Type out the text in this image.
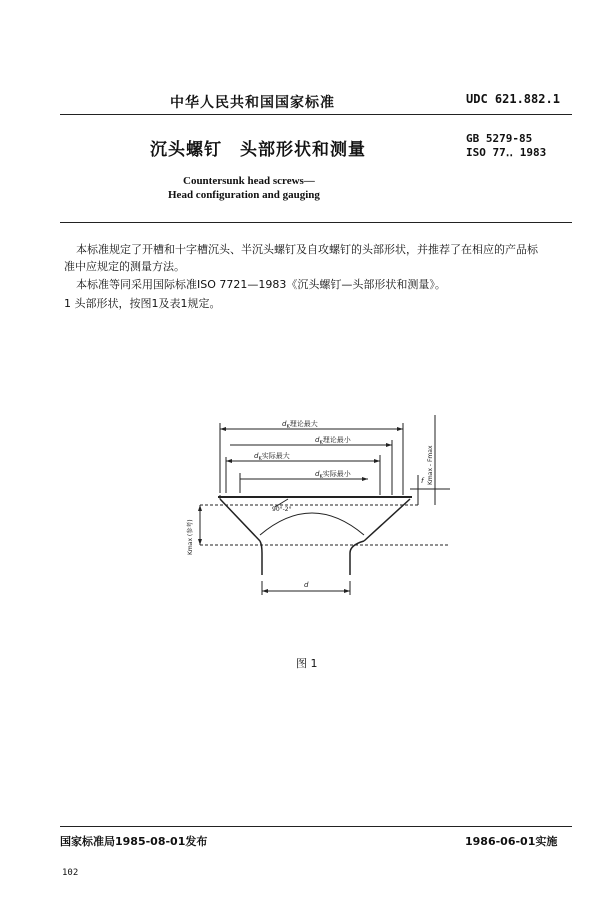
中华人民共和国国家标准	UDC 621.882.1
沉头螺钉　头部形状和测量
GB 5279-85
ISO 77‥ 1983
Countersunk head screws—
Head configuration and gauging
本标准规定了开槽和十字槽沉头、半沉头螺钉及自攻螺钉的头部形状，并推荐了在相应的产品标
准中应规定的测量方法。
本标准等同采用国际标准ISO 7721—1983《沉头螺钉—头部形状和测量》。
1 头部形状，按图1及表1规定。
$d_K$理论最大
$d_K$理论最小
$d_K$实际最大
$d_K$实际最小
90°-2°
f
d
Kmax (参考)
Kmax - Fmax
图 1
国家标准局1985-08-01发布	1986-06-01实施
102
